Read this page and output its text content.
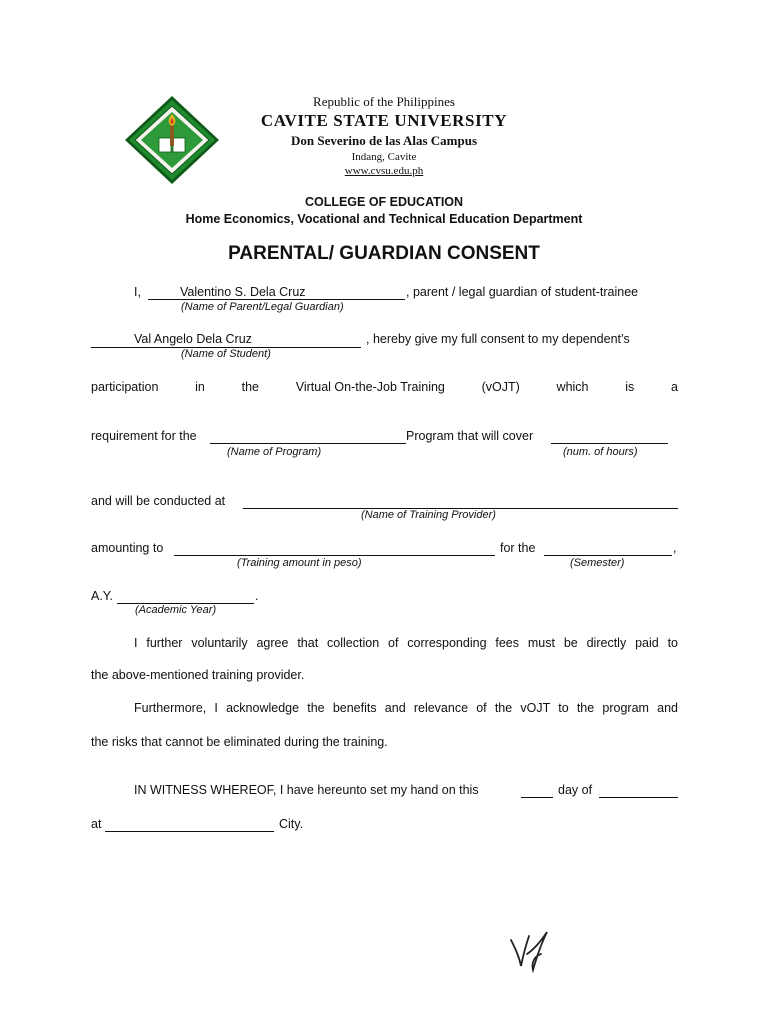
Republic of the Philippines
CAVITE STATE UNIVERSITY
Don Severino de las Alas Campus
Indang, Cavite
www.cvsu.edu.ph
COLLEGE OF EDUCATION
Home Economics, Vocational and Technical Education Department
PARENTAL/ GUARDIAN CONSENT
I,	Valentino S. Dela Cruz	, parent / legal guardian of student-trainee
(Name of Parent/Legal Guardian)
Val Angelo Dela Cruz	, hereby give my full consent to my dependent’s
(Name of Student)
participation	in	the	Virtual On-the-Job Training	(vOJT)	which	is	a
requirement for the	Program that will cover
(Name of Program)	(num. of hours)
and will be conducted at
(Name of Training Provider)
amounting to	for the	,
(Training amount in peso)	(Semester)
A.Y.	.
(Academic Year)
I further voluntarily agree that collection of corresponding fees must be directly paid to
the above-mentioned training provider.
Furthermore, I acknowledge the benefits and relevance of the vOJT to the program and
the risks that cannot be eliminated during the training.
IN WITNESS WHEREOF, I have hereunto set my hand on this	day of
at	City.
